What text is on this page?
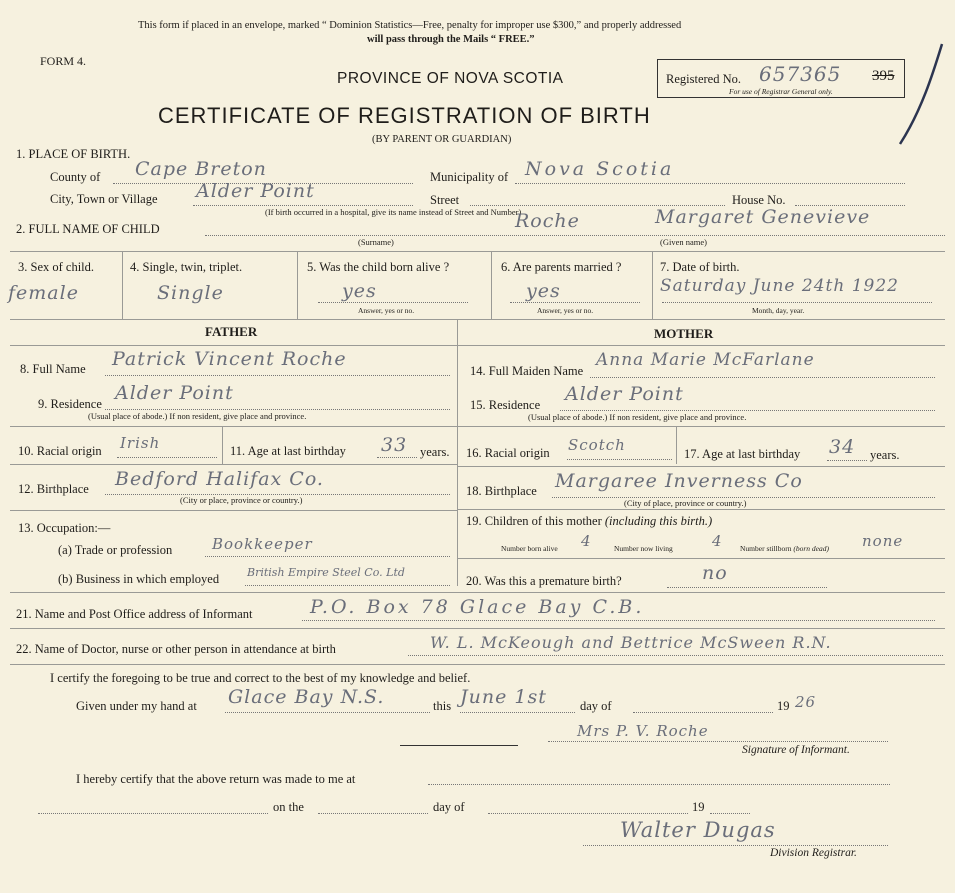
This form if placed in an envelope, marked “ Dominion Statistics—Free, penalty for improper use $300,” and properly addressed
will pass through the Mails “ FREE.”
FORM 4.
PROVINCE OF NOVA SCOTIA
CERTIFICATE OF REGISTRATION OF BIRTH
(BY PARENT OR GUARDIAN)
Registered No. 657365 395
For use of Registrar General only.
1. PLACE OF BIRTH.
County of Cape Breton	Municipality of Nova Scotia
City, Town or Village Alder Point	Street	House No.
(If birth occurred in a hospital, give its name instead of Street and Number)
2. FULL NAME OF CHILD	Roche	Margaret Genevieve
(Surname)	(Given name)
3. Sex of child.
female
4. Single, twin, triplet.
Single
5. Was the child born alive ?
yes
Answer, yes or no.
6. Are parents married ?
yes
Answer, yes or no.
7. Date of birth.
Saturday June 24th 1922
Month, day, year.
FATHER	MOTHER
8. Full Name Patrick Vincent Roche
9. Residence Alder Point
(Usual place of abode.) If non resident, give place and province.
10. Racial origin Irish	11. Age at last birthday 33 years.
12. Birthplace Bedford Halifax Co.
(City or place, province or country.)
13. Occupation:—
(a) Trade or profession	Bookkeeper
(b) Business in which employed	British Empire Steel Co. Ltd
14. Full Maiden Name
Anna Marie McFarlane
15. Residence Alder Point
(Usual place of abode.) If non resident, give place and province.
16. Racial origin Scotch	17. Age at last birthday 34 years.
18. Birthplace Margaree Inverness Co
(City of place, province or country.)
19. Children of this mother (including this birth.)
Number born alive 4	Number now living	4 Number stillborn (born dead) none
20. Was this a premature birth?	no
21. Name and Post Office address of Informant	P.O. Box 78 Glace Bay C.B.
22. Name of Doctor, nurse or other person in attendance at birth	W. L. McKeough and Bettrice McSween R.N.
I certify the foregoing to be true and correct to the best of my knowledge and belief.
Given under my hand at Glace Bay N.S.	this June 1st	day of	19 26
Mrs P. V. Roche
Signature of Informant.
I hereby certify that the above return was made to me at
on the	day of	19
Walter Dugas
Division Registrar.
